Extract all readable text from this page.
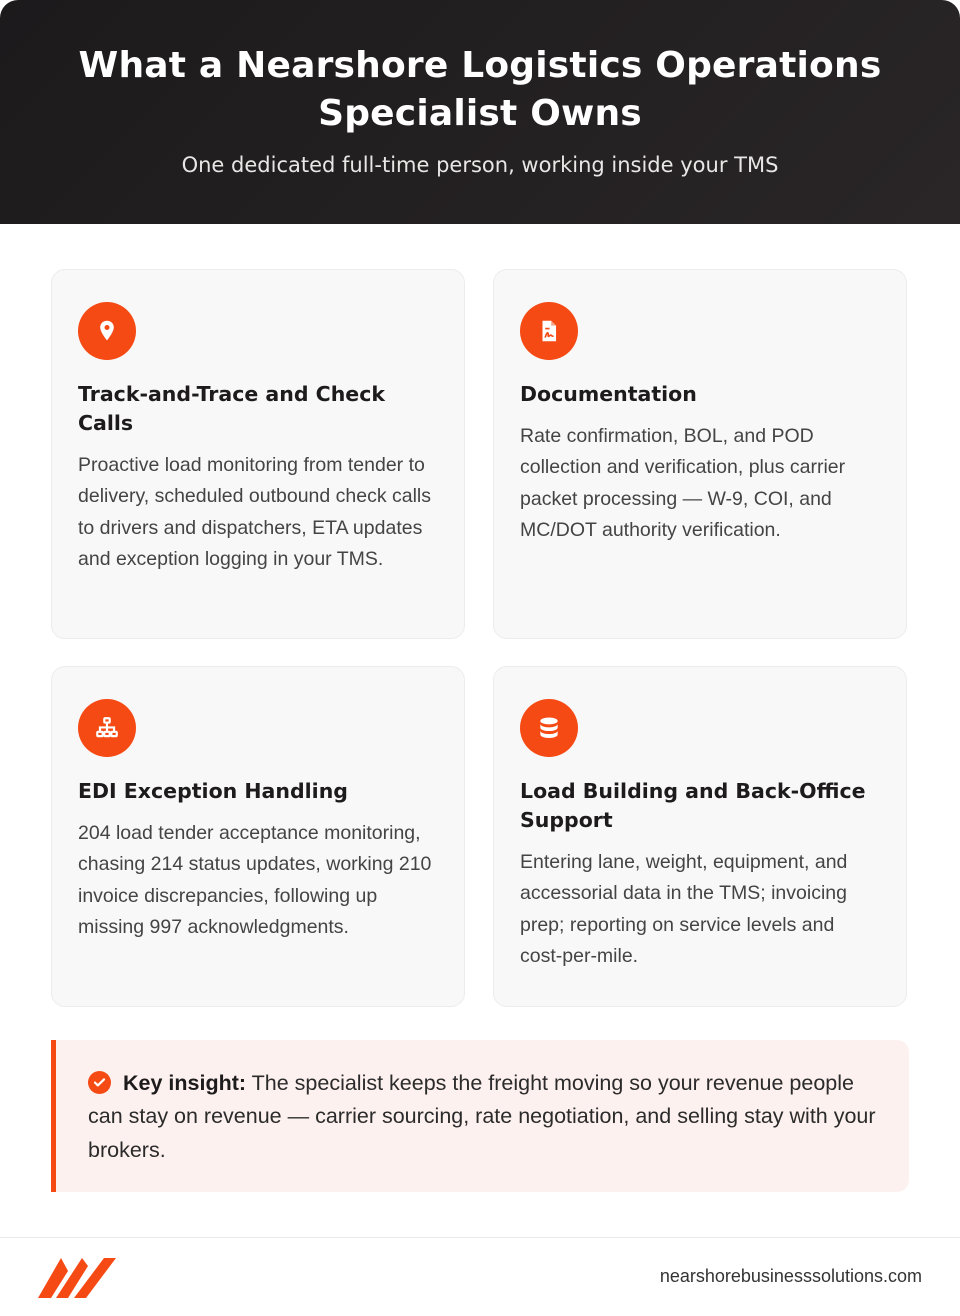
What a Nearshore Logistics Operations Specialist Owns

One dedicated full-time person, working inside your TMS

Track-and-Trace and Check Calls

Proactive load monitoring from tender to delivery, scheduled outbound check calls to drivers and dispatchers, ETA updates and exception logging in your TMS.

Documentation

Rate confirmation, BOL, and POD collection and verification, plus carrier packet processing — W-9, COI, and MC/DOT authority verification.

EDI Exception Handling

204 load tender acceptance monitoring, chasing 214 status updates, working 210 invoice discrepancies, following up missing 997 acknowledgments.

Load Building and Back-Office Support

Entering lane, weight, equipment, and accessorial data in the TMS; invoicing prep; reporting on service levels and cost-per-mile.

Key insight: The specialist keeps the freight moving so your revenue people can stay on revenue — carrier sourcing, rate negotiation, and selling stay with your brokers.
nearshorebusinesssolutions.com
